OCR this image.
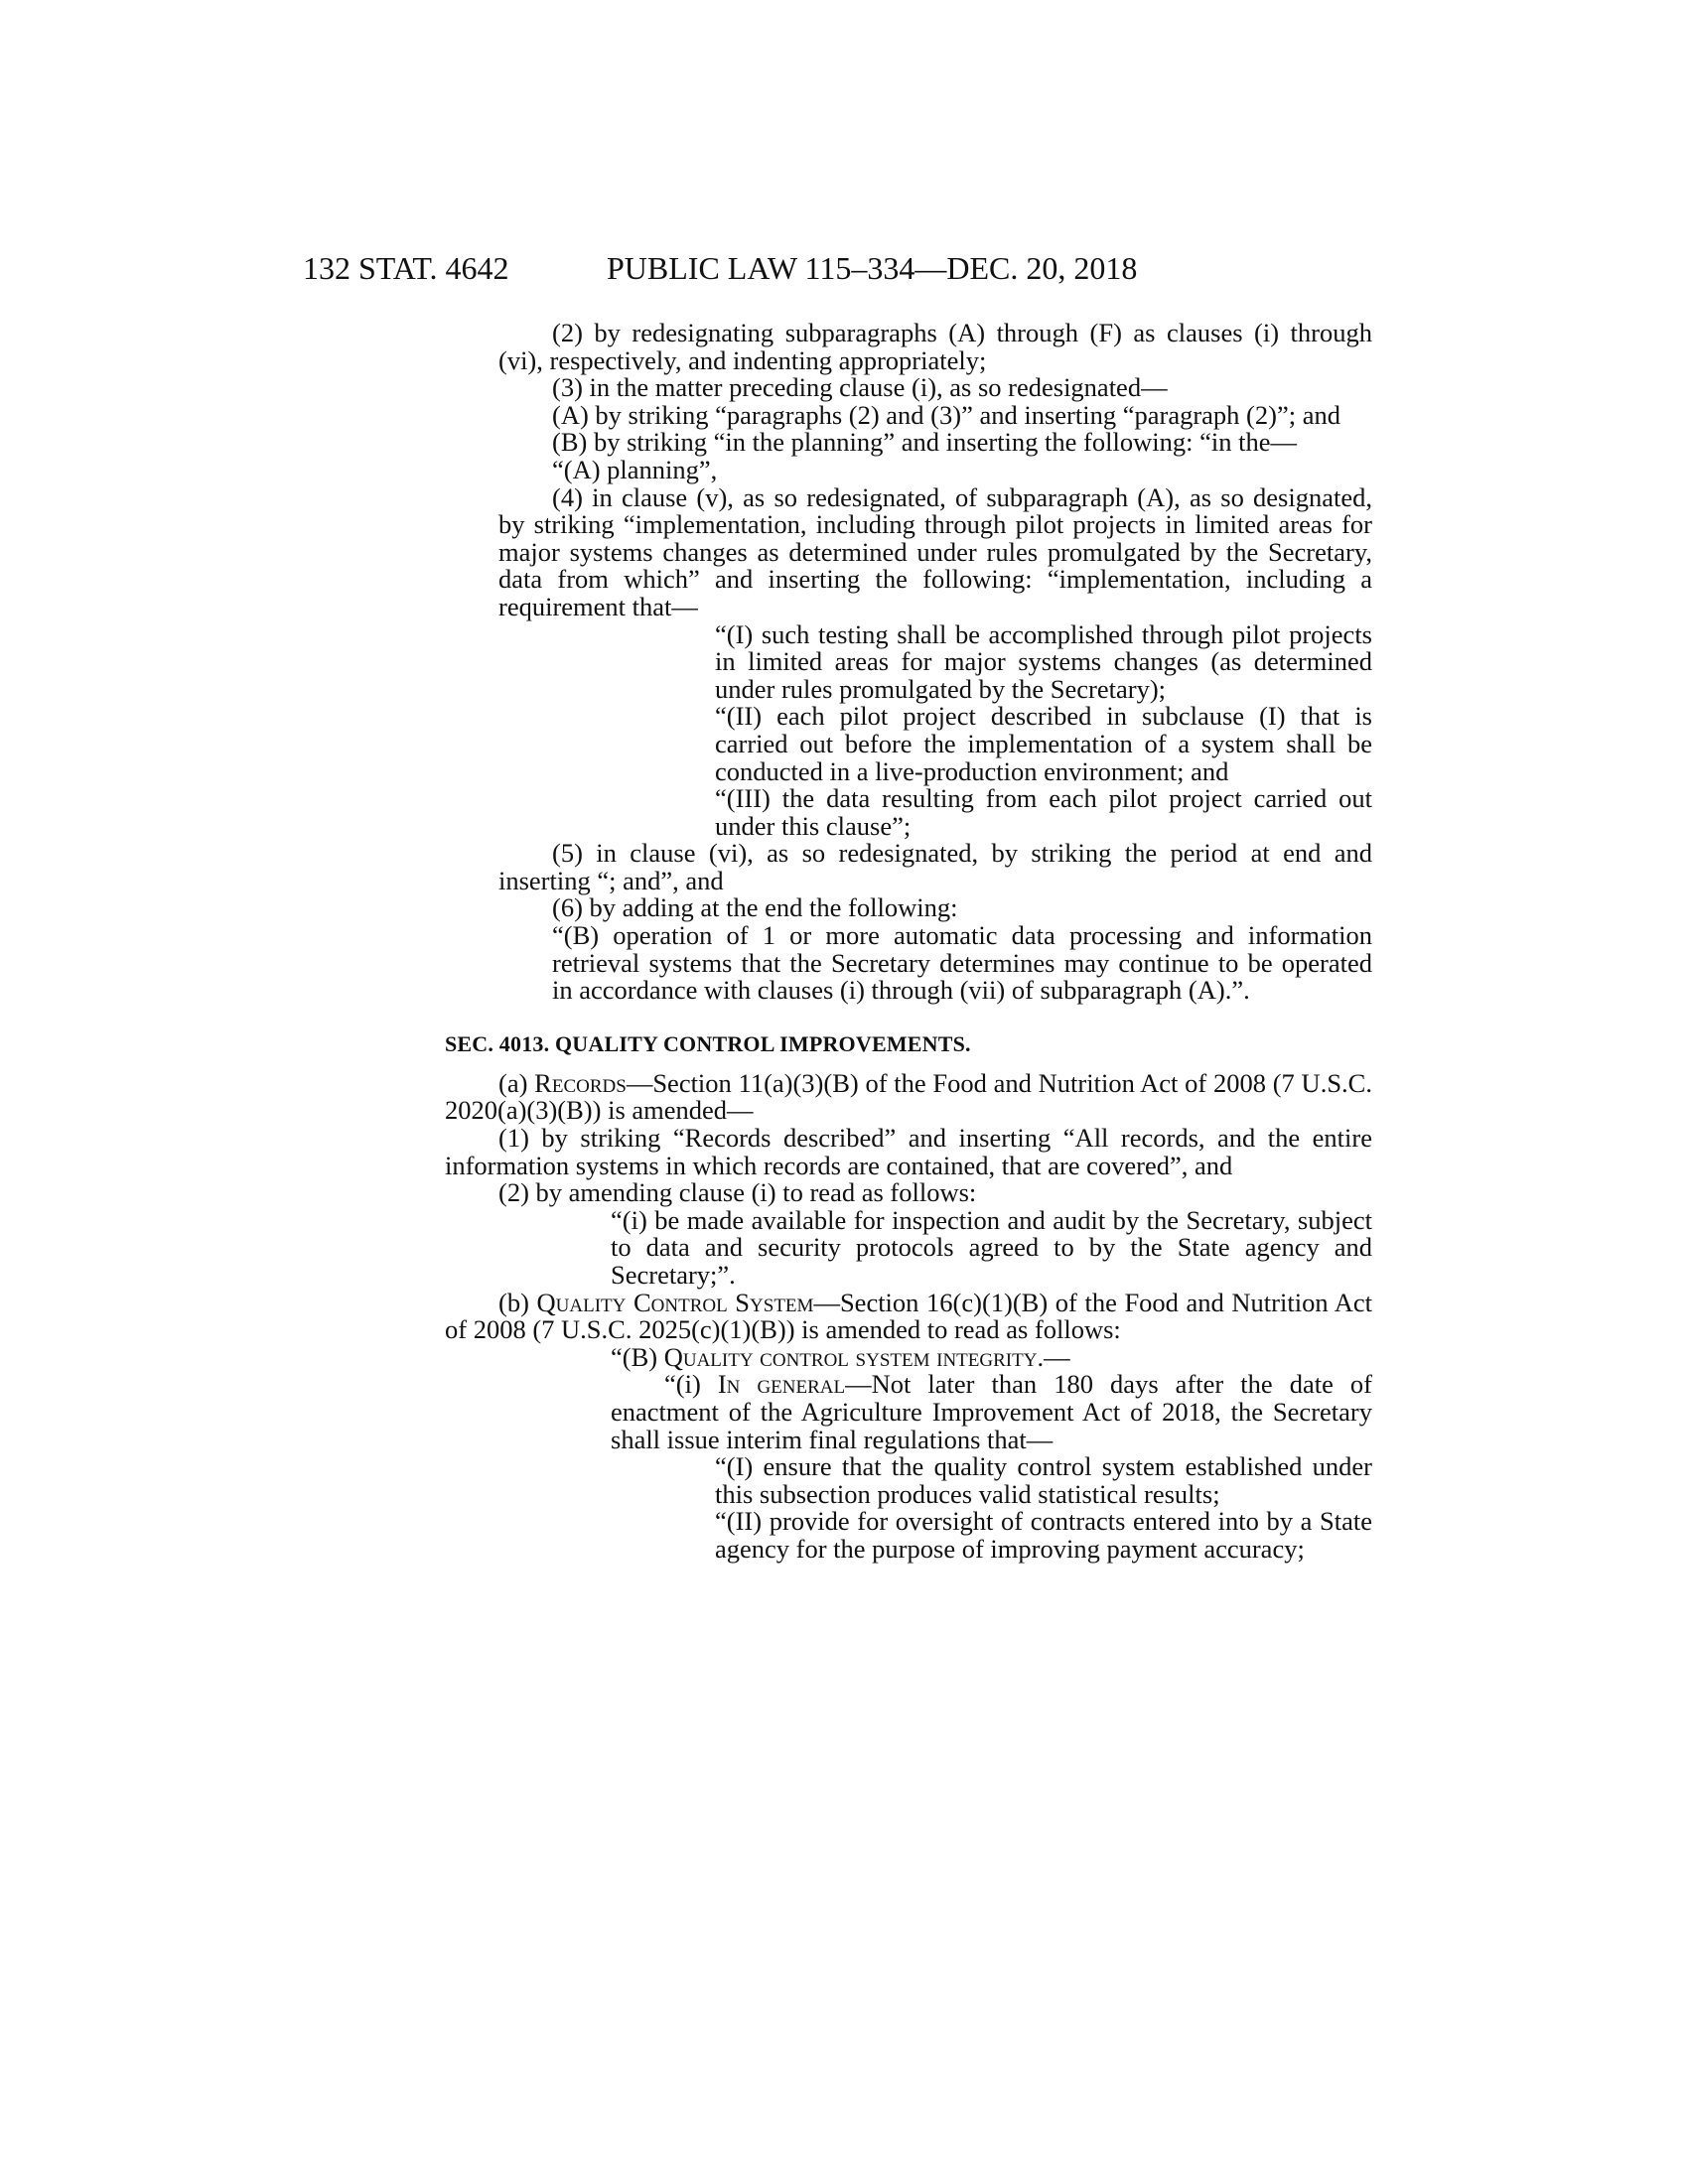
132 STAT. 4642	PUBLIC LAW 115–334—DEC. 20, 2018

(2) by redesignating subparagraphs (A) through (F) as clauses (i) through (vi), respectively, and indenting appropriately;

(3) in the matter preceding clause (i), as so redesignated—

(A) by striking “paragraphs (2) and (3)” and inserting “paragraph (2)”; and

(B) by striking “in the planning” and inserting the following: “in the—

“(A) planning”,

(4) in clause (v), as so redesignated, of subparagraph (A), as so designated, by striking “implementation, including through pilot projects in limited areas for major systems changes as determined under rules promulgated by the Secretary, data from which” and inserting the following: “implementation, including a requirement that—

“(I) such testing shall be accomplished through pilot projects in limited areas for major systems changes (as determined under rules promulgated by the Secretary);

“(II) each pilot project described in subclause (I) that is carried out before the implementation of a system shall be conducted in a live-production environment; and

“(III) the data resulting from each pilot project carried out under this clause”;

(5) in clause (vi), as so redesignated, by striking the period at end and inserting “; and”, and

(6) by adding at the end the following:

“(B) operation of 1 or more automatic data processing and information retrieval systems that the Secretary determines may continue to be operated in accordance with clauses (i) through (vii) of subparagraph (A).”.

SEC. 4013. QUALITY CONTROL IMPROVEMENTS.

(a) Records—Section 11(a)(3)(B) of the Food and Nutrition Act of 2008 (7 U.S.C. 2020(a)(3)(B)) is amended—

(1) by striking “Records described” and inserting “All records, and the entire information systems in which records are contained, that are covered”, and

(2) by amending clause (i) to read as follows:

“(i) be made available for inspection and audit by the Secretary, subject to data and security protocols agreed to by the State agency and Secretary;”.

(b) Quality Control System—Section 16(c)(1)(B) of the Food and Nutrition Act of 2008 (7 U.S.C. 2025(c)(1)(B)) is amended to read as follows:

“(B) Quality control system integrity.—

“(i) In general—Not later than 180 days after the date of enactment of the Agriculture Improvement Act of 2018, the Secretary shall issue interim final regulations that—

“(I) ensure that the quality control system established under this subsection produces valid statistical results;

“(II) provide for oversight of contracts entered into by a State agency for the purpose of improving payment accuracy;
